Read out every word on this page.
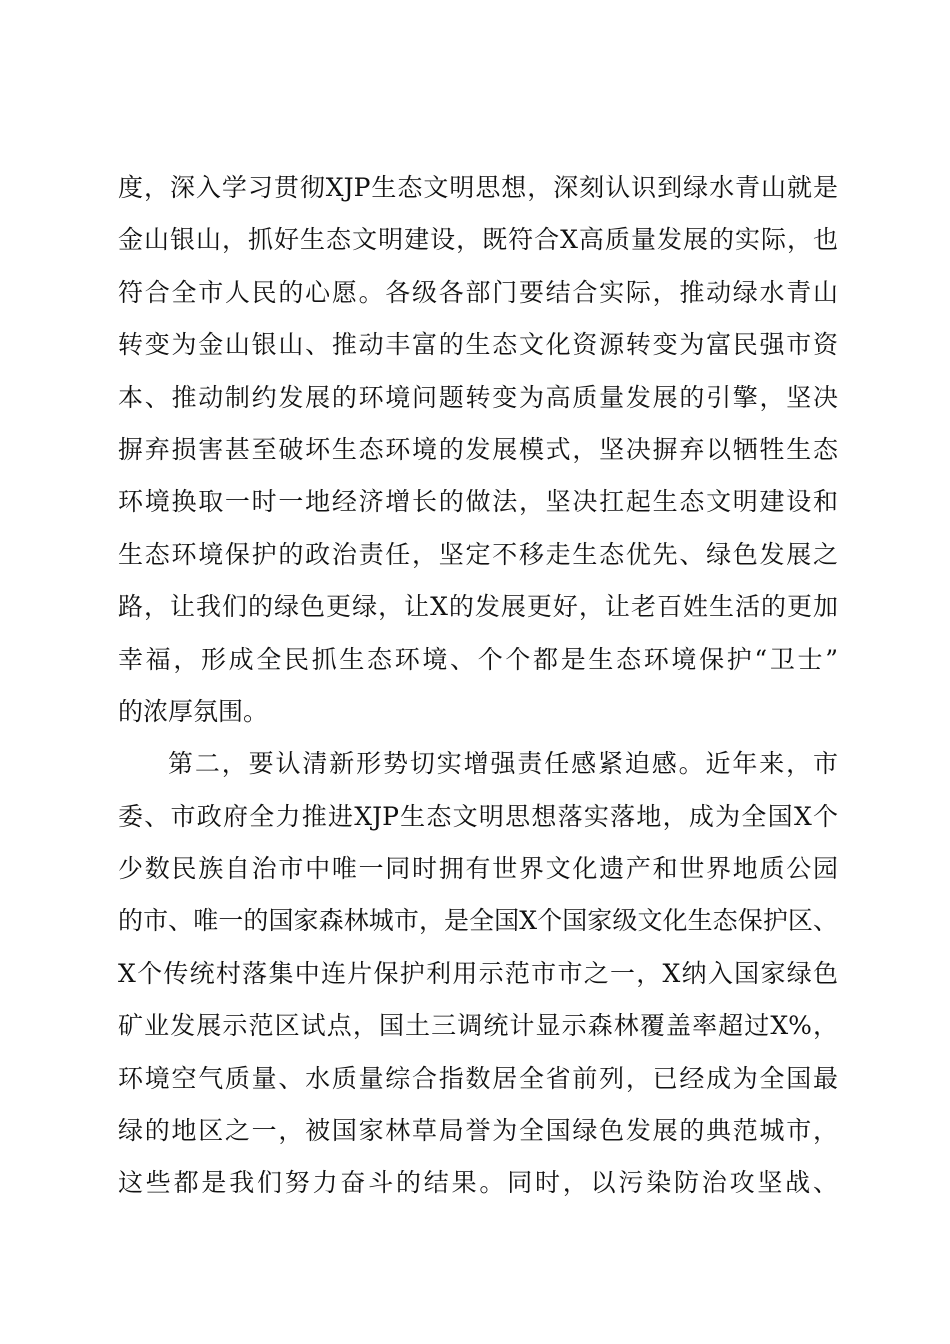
度，深入学习贯彻XJP生态文明思想，深刻认识到绿水青山就是
金山银山，抓好生态文明建设，既符合X高质量发展的实际，也
符合全市人民的心愿。各级各部门要结合实际，推动绿水青山
转变为金山银山、推动丰富的生态文化资源转变为富民强市资
本、推动制约发展的环境问题转变为高质量发展的引擎，坚决
摒弃损害甚至破坏生态环境的发展模式，坚决摒弃以牺牲生态
环境换取一时一地经济增长的做法，坚决扛起生态文明建设和
生态环境保护的政治责任，坚定不移走生态优先、绿色发展之
路，让我们的绿色更绿，让X的发展更好，让老百姓生活的更加
幸福，形成全民抓生态环境、个个都是生态环境保护“卫士”
的浓厚氛围。
第二，要认清新形势切实增强责任感紧迫感。近年来，市
委、市政府全力推进XJP生态文明思想落实落地，成为全国X个
少数民族自治市中唯一同时拥有世界文化遗产和世界地质公园
的市、唯一的国家森林城市，是全国X个国家级文化生态保护区、
X个传统村落集中连片保护利用示范市市之一，X纳入国家绿色
矿业发展示范区试点，国土三调统计显示森林覆盖率超过X%，
环境空气质量、水质量综合指数居全省前列，已经成为全国最
绿的地区之一，被国家林草局誉为全国绿色发展的典范城市，
这些都是我们努力奋斗的结果。同时，以污染防治攻坚战、
